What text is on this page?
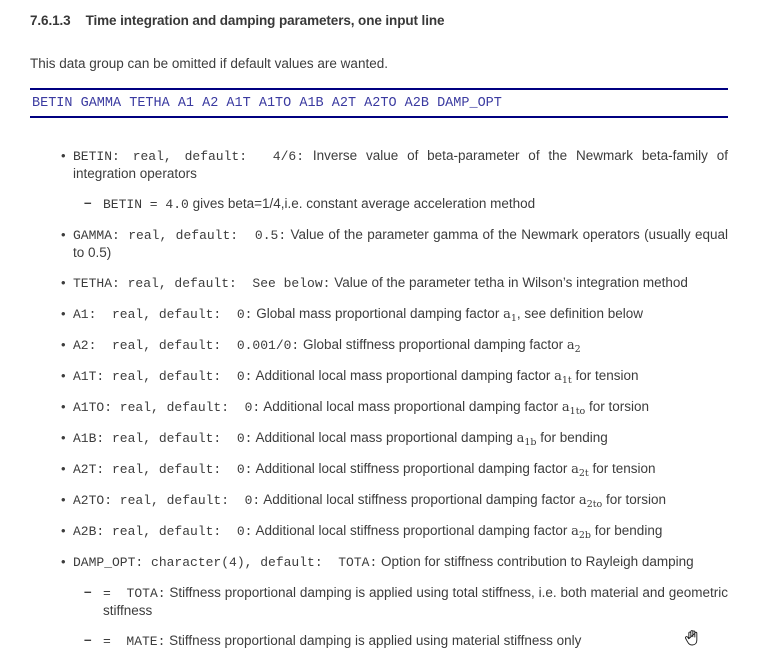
7.6.1.3 Time integration and damping parameters, one input line
This data group can be omitted if default values are wanted.
BETIN GAMMA TETHA A1 A2 A1T A1TO A1B A2T A2TO A2B DAMP_OPT
• BETIN: real, default:  4/6: Inverse value of beta-parameter of the Newmark beta-family of integration operators
– BETIN = 4.0 gives beta=1/4,i.e. constant average acceleration method
• GAMMA: real, default:  0.5: Value of the parameter gamma of the Newmark operators (usually equal to 0.5)
• TETHA: real, default:  See below: Value of the parameter tetha in Wilson’s integration method
• A1:  real, default:  0: Global mass proportional damping factor $a_1$, see definition below
• A2:  real, default:  0.001/0: Global stiffness proportional damping factor $a_2$
• A1T: real, default:  0: Additional local mass proportional damping factor $a_{1t}$ for tension
• A1TO: real, default:  0: Additional local mass proportional damping factor $a_{1to}$ for torsion
• A1B: real, default:  0: Additional local mass proportional damping $a_{1b}$ for bending
• A2T: real, default:  0: Additional local stiffness proportional damping factor $a_{2t}$ for tension
• A2TO: real, default:  0: Additional local stiffness proportional damping factor $a_{2to}$ for torsion
• A2B: real, default:  0: Additional local stiffness proportional damping factor $a_{2b}$ for bending
• DAMP_OPT: character(4), default:  TOTA: Option for stiffness contribution to Rayleigh damping
– =  TOTA: Stiffness proportional damping is applied using total stiffness, i.e. both material and geometric stiffness
– =  MATE: Stiffness proportional damping is applied using material stiffness only
